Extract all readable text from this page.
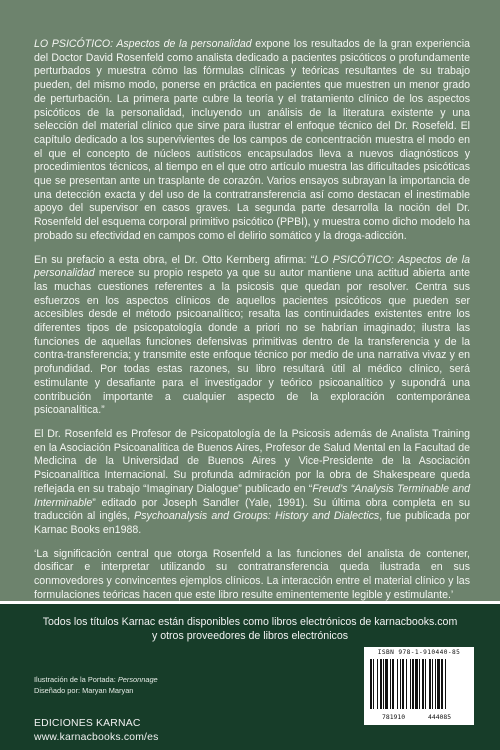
LO PSICÓTICO: Aspectos de la personalidad expone los resultados de la gran experiencia del Doctor David Rosenfeld como analista dedicado a pacientes psicóticos o profundamente perturbados y muestra cómo las fórmulas clínicas y teóricas resultantes de su trabajo pueden, del mismo modo, ponerse en práctica en pacientes que muestren un menor grado de perturbación. La primera parte cubre la teoría y el tratamiento clínico de los aspectos psicóticos de la personalidad, incluyendo un análisis de la literatura existente y una selección del material clínico que sirve para ilustrar el enfoque técnico del Dr. Rosefeld. El capítulo dedicado a los supervivientes de los campos de concentración muestra el modo en el que el concepto de núcleos autísticos encapsulados lleva a nuevos diagnósticos y procedimientos técnicos, al tiempo en el que otro artículo muestra las dificultades psicóticas que se presentan ante un trasplante de corazón. Varios ensayos subrayan la importancia de una detección exacta y del uso de la contratransferencia así como destacan el inestimable apoyo del supervisor en casos graves. La segunda parte desarrolla la noción del Dr. Rosenfeld del esquema corporal primitivo psicótico (PPBI), y muestra como dicho modelo ha probado su efectividad en campos como el delirio somático y la droga-adicción.

En su prefacio a esta obra, el Dr. Otto Kernberg afirma: “LO PSICÓTICO: Aspectos de la personalidad merece su propio respeto ya que su autor mantiene una actitud abierta ante las muchas cuestiones referentes a la psicosis que quedan por resolver. Centra sus esfuerzos en los aspectos clínicos de aquellos pacientes psicóticos que pueden ser accesibles desde el método psicoanalítico; resalta las continuidades existentes entre los diferentes tipos de psicopatología donde a priori no se habrían imaginado; ilustra las funciones de aquellas funciones defensivas primitivas dentro de la transferencia y de la contra-transferencia; y transmite este enfoque técnico por medio de una narrativa vivaz y en profundidad. Por todas estas razones, su libro resultará útil al médico clínico, será estimulante y desafiante para el investigador y teórico psicoanalítico y supondrá una contribución importante a cualquier aspecto de la exploración contemporánea psicoanalítica.”

El Dr. Rosenfeld es Profesor de Psicopatología de la Psicosis además de Analista Training en la Asociación Psicoanalítica de Buenos Aires, Profesor de Salud Mental en la Facultad de Medicina de la Universidad de Buenos Aires y Vice-Presidente de la Asociación Psicoanalítica Internacional. Su profunda admiración por la obra de Shakespeare queda reflejada en su trabajo “Imaginary Dialogue” publicado en “Freud’s “Analysis Terminable and Interminable” editado por Joseph Sandler (Yale, 1991). Su última obra completa en su traducción al inglés, Psychoanalysis and Groups: History and Dialectics, fue publicada por Karnac Books en1988.

‘La significación central que otorga Rosenfeld a las funciones del analista de contener, dosificar e interpretar utilizando su contratransferencia queda ilustrada en sus conmovedores y convincentes ejemplos clínicos. La interacción entre el material clínico y las formulaciones teóricas hacen que este libro resulte eminentemente legible y estimulante.’

Todos los títulos Karnac están disponibles como libros electrónicos de karnacbooks.com
y otros proveedores de libros electrónicos
Ilustración de la Portada: Personnage
Diseñado por: Maryan Maryan
EDICIONES KARNAC
www.karnacbooks.com/es
ISBN 978-1-910440-85
781910	444085
